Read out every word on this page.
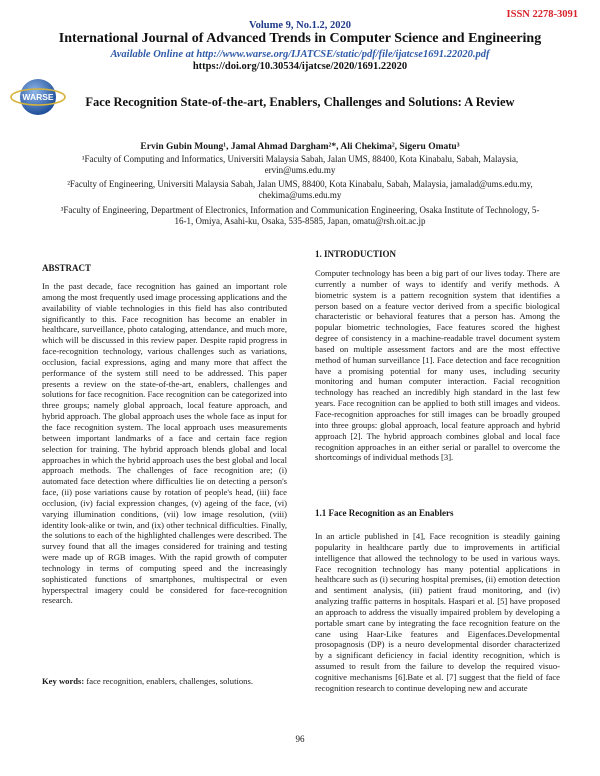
ISSN 2278-3091
Volume 9, No.1.2, 2020
International Journal of Advanced Trends in Computer Science and Engineering
Available Online at http://www.warse.org/IJATCSE/static/pdf/file/ijatcse1691.22020.pdf
https://doi.org/10.30534/ijatcse/2020/1691.22020
WARSE	Face Recognition State-of-the-art, Enablers, Challenges and Solutions: A Review
Ervin Gubin Moung¹, Jamal Ahmad Dargham²*, Ali Chekima², Sigeru Omatu³
¹Faculty of Computing and Informatics, Universiti Malaysia Sabah, Jalan UMS, 88400, Kota Kinabalu, Sabah, Malaysia, ervin@ums.edu.my
²Faculty of Engineering, Universiti Malaysia Sabah, Jalan UMS, 88400, Kota Kinabalu, Sabah, Malaysia, jamalad@ums.edu.my, chekima@ums.edu.my
³Faculty of Engineering, Department of Electronics, Information and Communication Engineering, Osaka Institute of Technology, 5-16-1, Omiya, Asahi-ku, Osaka, 535-8585, Japan, omatu@rsh.oit.ac.jp
ABSTRACT
In the past decade, face recognition has gained an important role among the most frequently used image processing applications and the availability of viable technologies in this field has also contributed significantly to this. Face recognition has become an enabler in healthcare, surveillance, photo cataloging, attendance, and much more, which will be discussed in this review paper. Despite rapid progress in face-recognition technology, various challenges such as variations, occlusion, facial expressions, aging and many more that affect the performance of the system still need to be addressed. This paper presents a review on the state-of-the-art, enablers, challenges and solutions for face recognition. Face recognition can be categorized into three groups; namely global approach, local feature approach, and hybrid approach. The global approach uses the whole face as input for the face recognition system. The local approach uses measurements between important landmarks of a face and certain face region selection for training. The hybrid approach blends global and local approaches in which the hybrid approach uses the best global and local approach methods. The challenges of face recognition are; (i) automated face detection where difficulties lie on detecting a person's face, (ii) pose variations cause by rotation of people's head, (iii) face occlusion, (iv) facial expression changes, (v) ageing of the face, (vi) varying illumination conditions, (vii) low image resolution, (viii) identity look-alike or twin, and (ix) other technical difficulties. Finally, the solutions to each of the highlighted challenges were described. The survey found that all the images considered for training and testing were made up of RGB images. With the rapid growth of computer technology in terms of computing speed and the increasingly sophisticated functions of smartphones, multispectral or even hyperspectral imagery could be considered for face-recognition research.
Key words: face recognition, enablers, challenges, solutions.
1. INTRODUCTION
Computer technology has been a big part of our lives today. There are currently a number of ways to identify and verify methods. A biometric system is a pattern recognition system that identifies a person based on a feature vector derived from a specific biological characteristic or behavioral features that a person has. Among the popular biometric technologies, Face features scored the highest degree of consistency in a machine-readable travel document system based on multiple assessment factors and are the most effective method of human surveillance [1]. Face detection and face recognition have a promising potential for many uses, including security monitoring and human computer interaction. Facial recognition technology has reached an incredibly high standard in the last few years. Face recognition can be applied to both still images and videos. Face-recognition approaches for still images can be broadly grouped into three groups: global approach, local feature approach and hybrid approach [2]. The hybrid approach combines global and local face recognition approaches in an either serial or parallel to overcome the shortcomings of individual methods [3].
1.1 Face Recognition as an Enablers
In an article published in [4], Face recognition is steadily gaining popularity in healthcare partly due to improvements in artificial intelligence that allowed the technology to be used in various ways. Face recognition technology has many potential applications in healthcare such as (i) securing hospital premises, (ii) emotion detection and sentiment analysis, (iii) patient fraud monitoring, and (iv) analyzing traffic patterns in hospitals. Haspari et al. [5] have proposed an approach to address the visually impaired problem by developing a portable smart cane by integrating the face recognition feature on the cane using Haar-Like features and Eigenfaces.Developmental prosopagnosis (DP) is a neuro developmental disorder characterized by a significant deficiency in facial identity recognition, which is assumed to result from the failure to develop the required visuo-cognitive mechanisms [6].Bate et al. [7] suggest that the field of face recognition research to continue developing new and accurate
96
